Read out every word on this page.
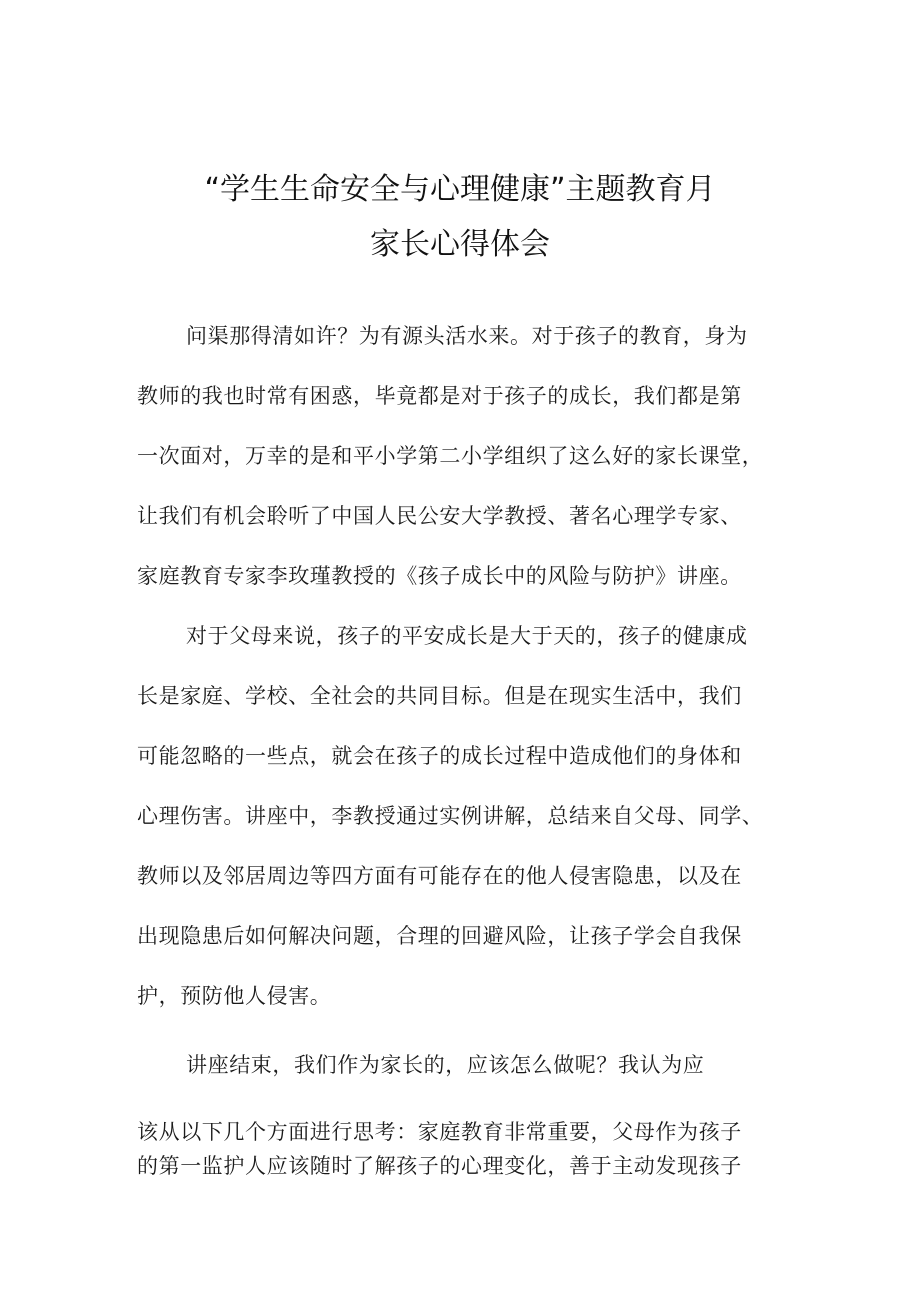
“学生生命安全与心理健康”主题教育月
家长心得体会
问渠那得清如许？为有源头活水来。对于孩子的教育，身为
教师的我也时常有困惑，毕竟都是对于孩子的成长，我们都是第
一次面对，万幸的是和平小学第二小学组织了这么好的家长课堂，
让我们有机会聆听了中国人民公安大学教授、著名心理学专家、
家庭教育专家李玫瑾教授的《孩子成长中的风险与防护》讲座。
对于父母来说，孩子的平安成长是大于天的，孩子的健康成
长是家庭、学校、全社会的共同目标。但是在现实生活中，我们
可能忽略的一些点，就会在孩子的成长过程中造成他们的身体和
心理伤害。讲座中，李教授通过实例讲解，总结来自父母、同学、
教师以及邻居周边等四方面有可能存在的他人侵害隐患，以及在
出现隐患后如何解决问题，合理的回避风险，让孩子学会自我保
护，预防他人侵害。
讲座结束，我们作为家长的，应该怎么做呢？我认为应
该从以下几个方面进行思考：家庭教育非常重要，父母作为孩子
的第一监护人应该随时了解孩子的心理变化，善于主动发现孩子
